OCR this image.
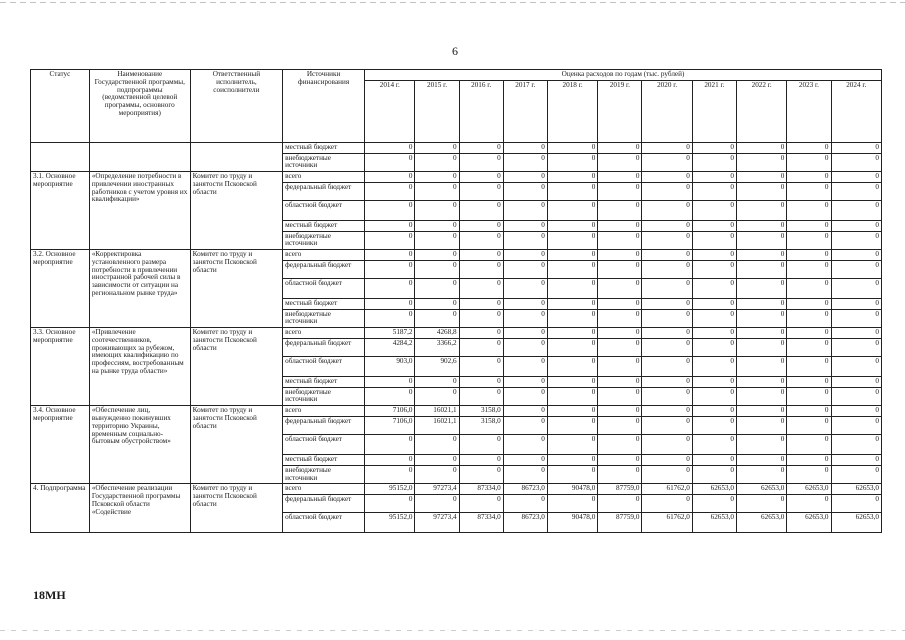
6
Статус	Наименование Государственной программы, подпрограммы (ведомственной целевой программы, основного мероприятия)	Ответственный исполнитель, соисполнители	Источники финансирования	Оценка расходов по годам (тыс. рублей)										
				2014 г.	2015 г.	2016 г.	2017 г.	2018 г.	2019 г.	2020 г.	2021 г.	2022 г.	2023 г.	2024 г.
			местный бюджет	0	0	0	0	0	0	0	0	0	0	0
			внебюджетные источники	0	0	0	0	0	0	0	0	0	0	0
3.1. Основное мероприятие	«Определение потребности в привлечении иностранных работников с учетом уровня их квалификации»	Комитет по труду и занятости Псковской области	всего	0	0	0	0	0	0	0	0	0	0	0
			федеральный бюджет	0	0	0	0	0	0	0	0	0	0	0
			областной бюджет	0	0	0	0	0	0	0	0	0	0	0
			местный бюджет	0	0	0	0	0	0	0	0	0	0	0
			внебюджетные источники	0	0	0	0	0	0	0	0	0	0	0
3.2. Основное мероприятие	«Корректировка установленного размера потребности в привлечении иностранной рабочей силы в зависимости от ситуации на региональном рынке труда»	Комитет по труду и занятости Псковской области	всего	0	0	0	0	0	0	0	0	0	0	0
			федеральный бюджет	0	0	0	0	0	0	0	0	0	0	0
			областной бюджет	0	0	0	0	0	0	0	0	0	0	0
			местный бюджет	0	0	0	0	0	0	0	0	0	0	0
			внебюджетные источники	0	0	0	0	0	0	0	0	0	0	0
3.3. Основное мероприятие	«Привлечение соотечественников, проживающих за рубежом, имеющих квалификацию по профессиям, востребованным на рынке труда области»	Комитет по труду и занятости Псковской области	всего	5187,2	4268,8	0	0	0	0	0	0	0	0	0
			федеральный бюджет	4284,2	3366,2	0	0	0	0	0	0	0	0	0
			областной бюджет	903,0	902,6	0	0	0	0	0	0	0	0	0
			местный бюджет	0	0	0	0	0	0	0	0	0	0	0
			внебюджетные источники	0	0	0	0	0	0	0	0	0	0	0
3.4. Основное мероприятие	«Обеспечение лиц, вынужденно покинувших территорию Украины, временным социально-бытовым обустройством»	Комитет по труду и занятости Псковской области	всего	7106,0	16021,1	3158,0	0	0	0	0	0	0	0	0
			федеральный бюджет	7106,0	16021,1	3158,0	0	0	0	0	0	0	0	0
			областной бюджет	0	0	0	0	0	0	0	0	0	0	0
			местный бюджет	0	0	0	0	0	0	0	0	0	0	0
			внебюджетные источники	0	0	0	0	0	0	0	0	0	0	0
4. Подпрограмма	«Обеспечение реализации Государственной программы Псковской области «Содействие	Комитет по труду и занятости Псковской области	всего	95152,0	97273,4	87334,0	86723,0	90478,0	87759,0	61762,0	62653,0	62653,0	62653,0	62653,0
			федеральный бюджет	0	0	0	0	0	0	0	0	0	0	0
			областной бюджет	95152,0	97273,4	87334,0	86723,0	90478,0	87759,0	61762,0	62653,0	62653,0	62653,0	62653,0
18МН
